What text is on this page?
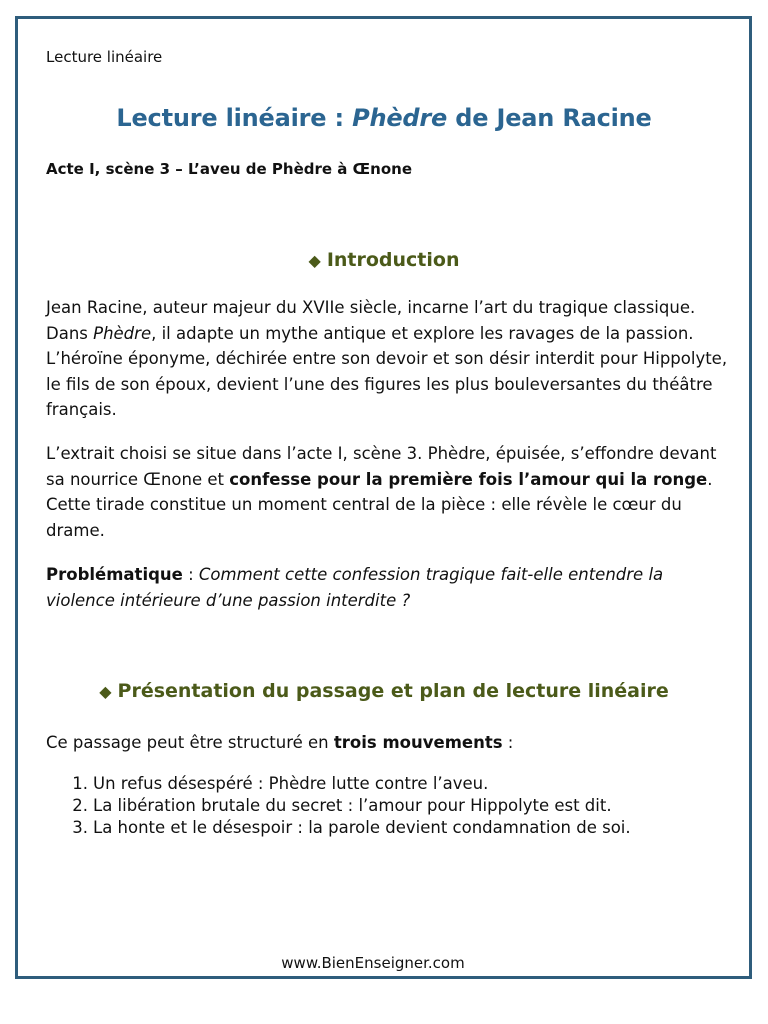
Lecture linéaire

Lecture linéaire : Phèdre de Jean Racine

Acte I, scène 3 – L’aveu de Phèdre à Œnone

◆ Introduction

Jean Racine, auteur majeur du XVIIe siècle, incarne l’art du tragique classique. Dans Phèdre, il adapte un mythe antique et explore les ravages de la passion. L’héroïne éponyme, déchirée entre son devoir et son désir interdit pour Hippolyte, le fils de son époux, devient l’une des figures les plus bouleversantes du théâtre français.

L’extrait choisi se situe dans l’acte I, scène 3. Phèdre, épuisée, s’effondre devant sa nourrice Œnone et confesse pour la première fois l’amour qui la ronge. Cette tirade constitue un moment central de la pièce : elle révèle le cœur du drame.

Problématique : Comment cette confession tragique fait-elle entendre la violence intérieure d’une passion interdite ?

◆ Présentation du passage et plan de lecture linéaire

Ce passage peut être structuré en trois mouvements :

1. Un refus désespéré : Phèdre lutte contre l’aveu.
2. La libération brutale du secret : l’amour pour Hippolyte est dit.
3. La honte et le désespoir : la parole devient condamnation de soi.

www.BienEnseigner.com
